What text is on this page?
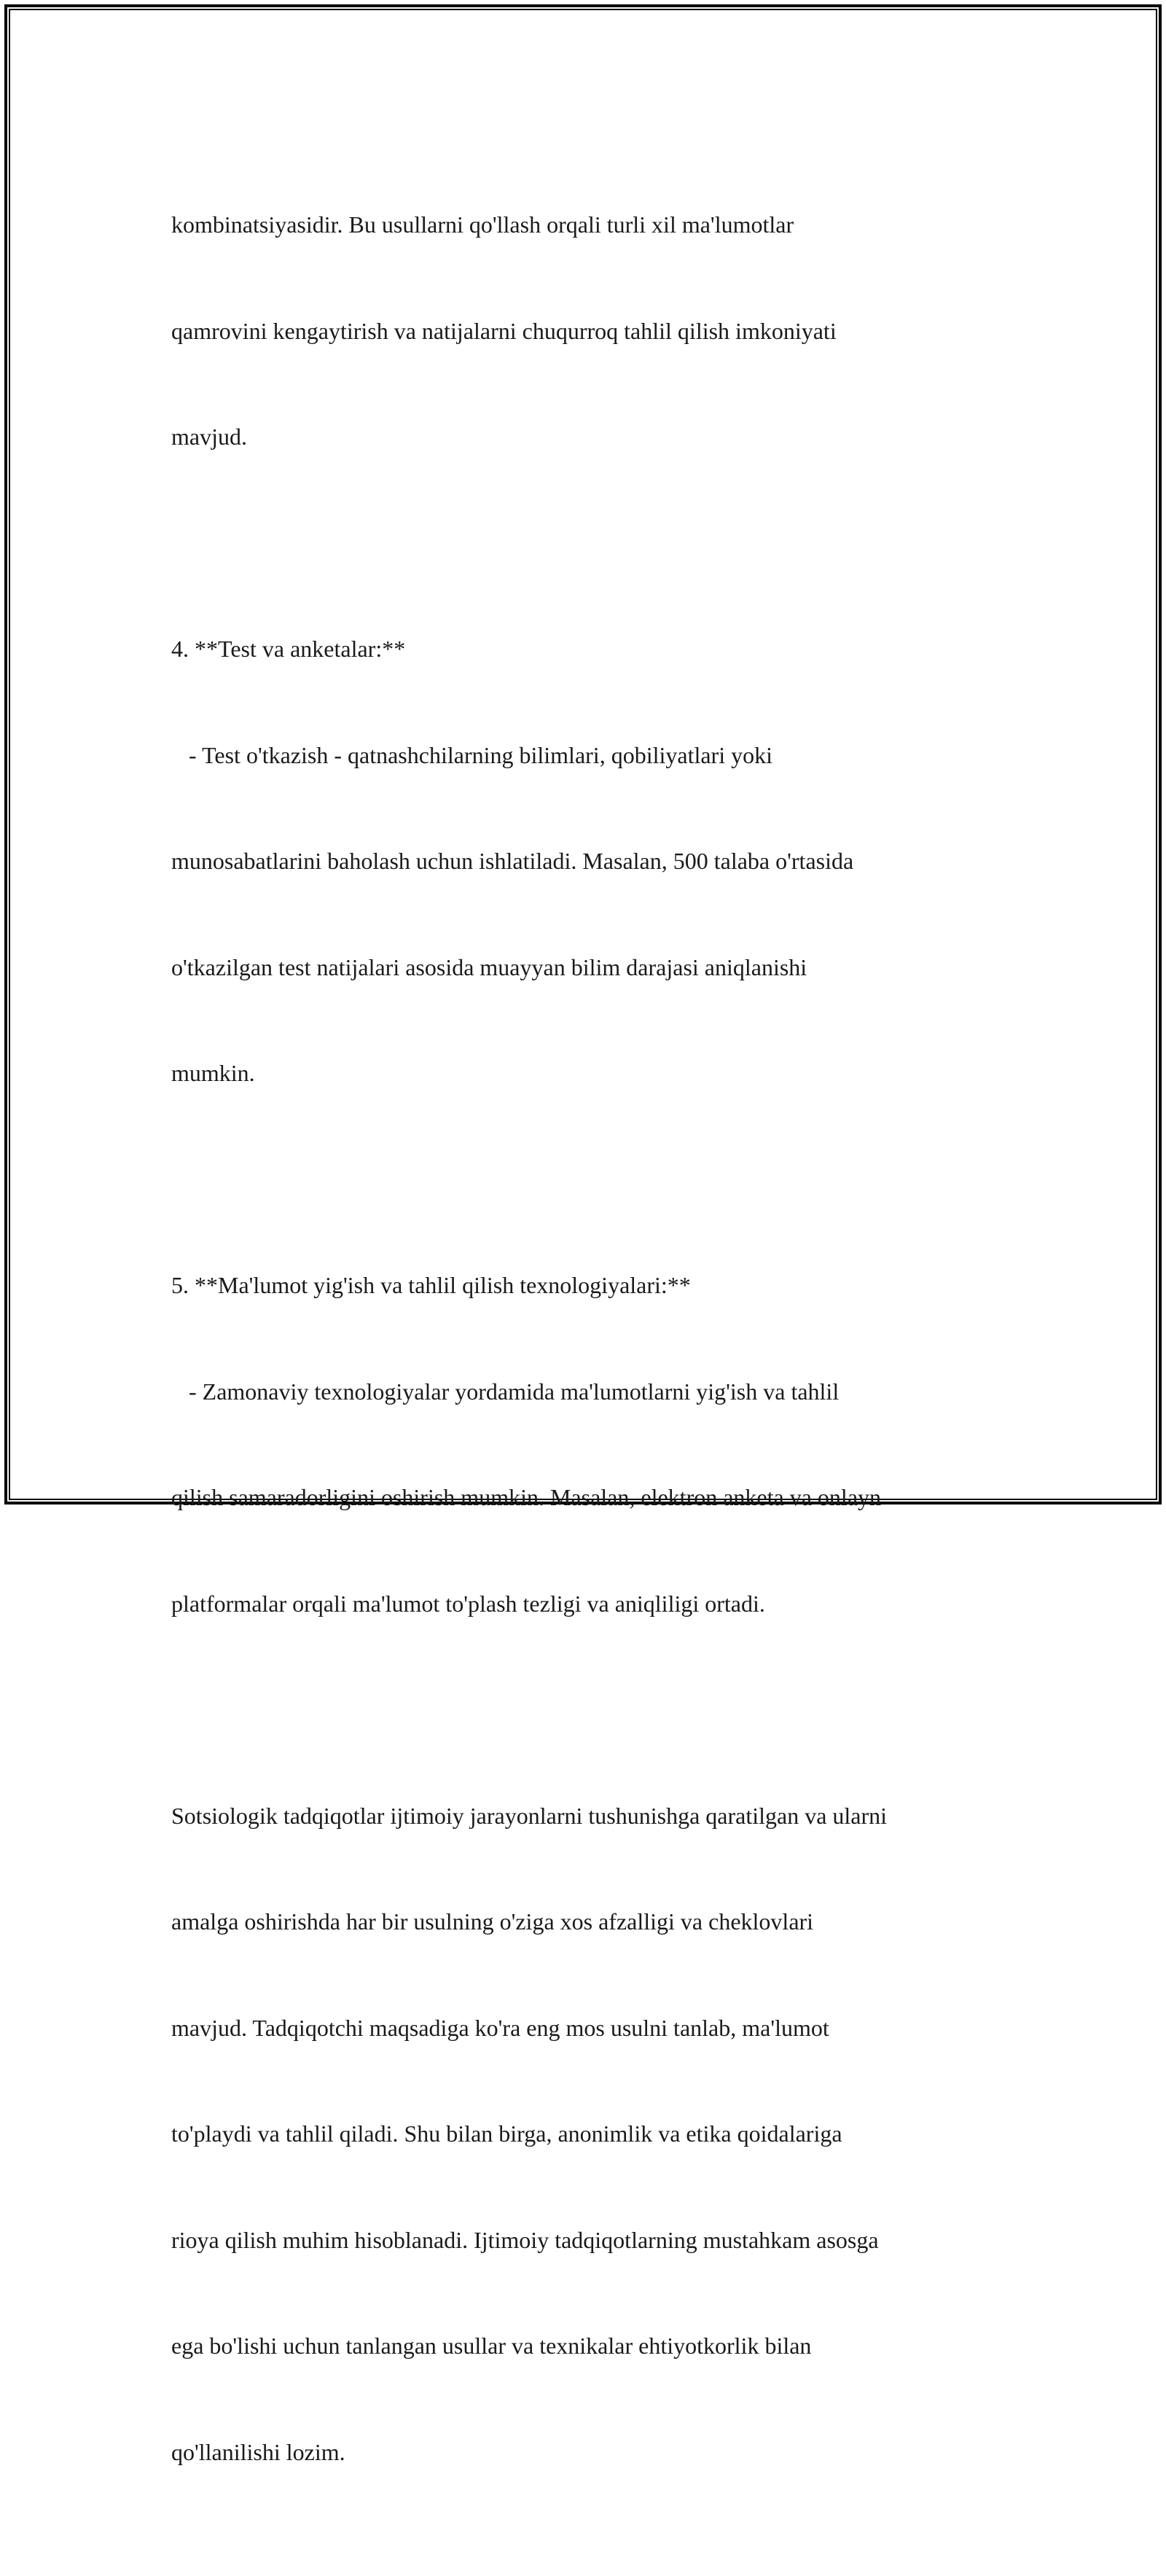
kombinatsiyasidir. Bu usullarni qo'llash orqali turli xil ma'lumotlar

qamrovini kengaytirish va natijalarni chuqurroq tahlil qilish imkoniyati

mavjud.

4. **Test va anketalar:**

- Test o'tkazish - qatnashchilarning bilimlari, qobiliyatlari yoki

munosabatlarini baholash uchun ishlatiladi. Masalan, 500 talaba o'rtasida

o'tkazilgan test natijalari asosida muayyan bilim darajasi aniqlanishi

mumkin.

5. **Ma'lumot yig'ish va tahlil qilish texnologiyalari:**

- Zamonaviy texnologiyalar yordamida ma'lumotlarni yig'ish va tahlil

qilish samaradorligini oshirish mumkin. Masalan, elektron anketa va onlayn

platformalar orqali ma'lumot to'plash tezligi va aniqliligi ortadi.

Sotsiologik tadqiqotlar ijtimoiy jarayonlarni tushunishga qaratilgan va ularni

amalga oshirishda har bir usulning o'ziga xos afzalligi va cheklovlari

mavjud. Tadqiqotchi maqsadiga ko'ra eng mos usulni tanlab, ma'lumot

to'playdi va tahlil qiladi. Shu bilan birga, anonimlik va etika qoidalariga

rioya qilish muhim hisoblanadi. Ijtimoiy tadqiqotlarning mustahkam asosga

ega bo'lishi uchun tanlangan usullar va texnikalar ehtiyotkorlik bilan

qo'llanilishi lozim.
